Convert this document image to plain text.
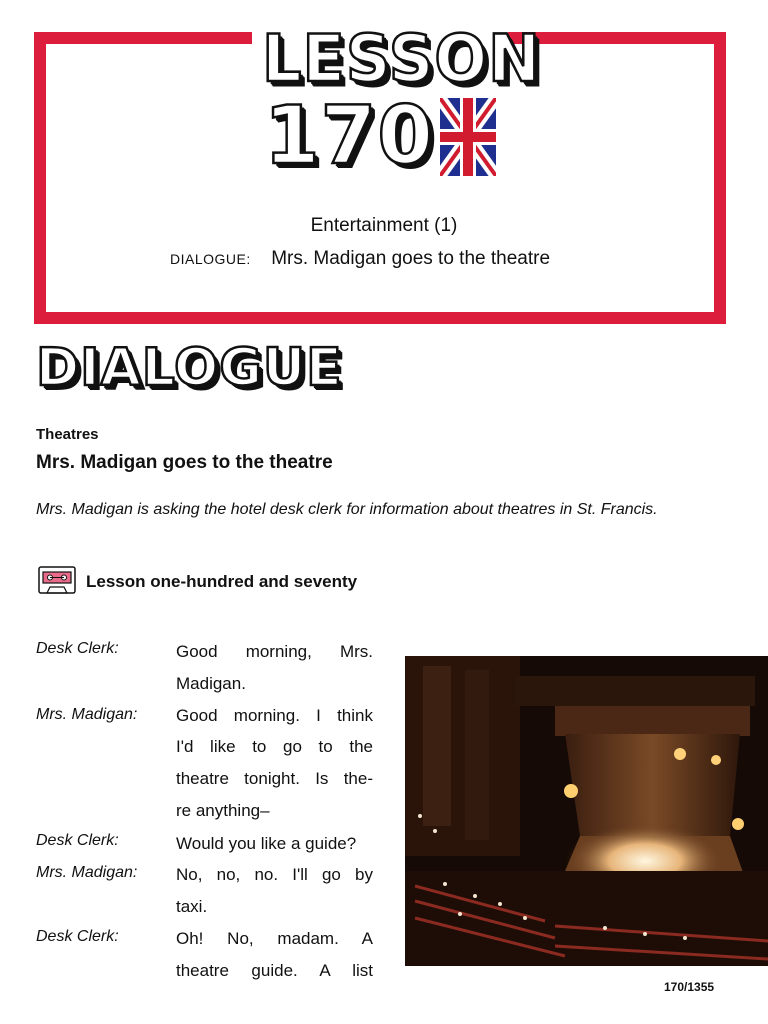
LESSON
170
Entertainment (1)
DIALOGUE: Mrs. Madigan goes to the theatre
DIALOGUE
Theatres
Mrs. Madigan goes to the theatre
Mrs. Madigan is asking the hotel desk clerk for information about theatres in St. Francis.
Lesson one-hundred and seventy
Desk Clerk:	Good morning, Mrs.
Madigan.
Mrs. Madigan: Good morning. I think
I'd like to go to the
theatre tonight. Is the-
re anything–
Desk Clerk:	Would you like a guide?
Mrs. Madigan: No, no, no. I'll go by
taxi.
Desk Clerk:	Oh! No, madam. A
theatre guide. A list
170/1355
